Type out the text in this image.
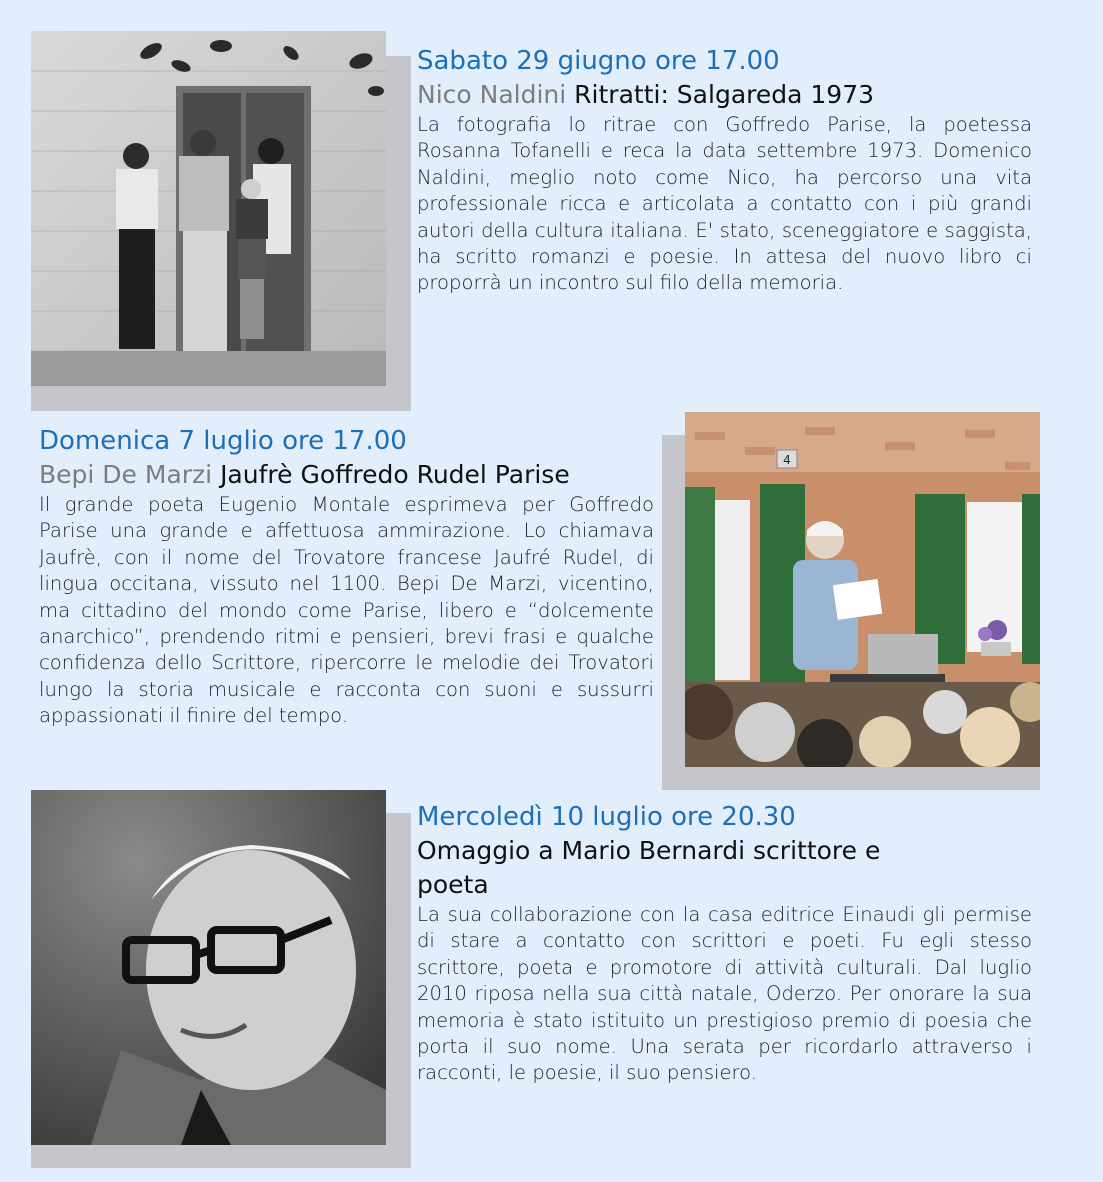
Sabato 29 giugno ore 17.00

Nico Naldini Ritratti: Salgareda 1973

La fotografia lo ritrae con Goffredo Parise, la poetessa Rosanna Tofanelli e reca la data settembre 1973. Domenico Naldini, meglio noto come Nico, ha percorso una vita professionale ricca e articolata a contatto con i più grandi autori della cultura italiana. E' stato, sceneggiatore e saggista, ha scritto romanzi e poesie. In attesa del nuovo libro ci proporrà un incontro sul filo della memoria.

4
Domenica 7 luglio ore 17.00

Bepi De Marzi Jaufrè Goffredo Rudel Parise

Il grande poeta Eugenio Montale esprimeva per Goffredo Parise una grande e affettuosa ammirazione. Lo chiamava Jaufrè, con il nome del Trovatore francese Jaufré Rudel, di lingua occitana, vissuto nel 1100. Bepi De Marzi, vicentino, ma cittadino del mondo come Parise, libero e “dolcemente anarchico”, prendendo ritmi e pensieri, brevi frasi e qualche confidenza dello Scrittore, ripercorre le melodie dei Trovatori lungo la storia musicale e racconta con suoni e sussurri appassionati il finire del tempo.

Mercoledì 10 luglio ore 20.30

Omaggio a Mario Bernardi scrittore e poeta

La sua collaborazione con la casa editrice Einaudi gli permise di stare a contatto con scrittori e poeti. Fu egli stesso scrittore, poeta e promotore di attività culturali. Dal luglio 2010 riposa nella sua città natale, Oderzo. Per onorare la sua memoria è stato istituito un prestigioso premio di poesia che porta il suo nome. Una serata per ricordarlo attraverso i racconti, le poesie, il suo pensiero.
